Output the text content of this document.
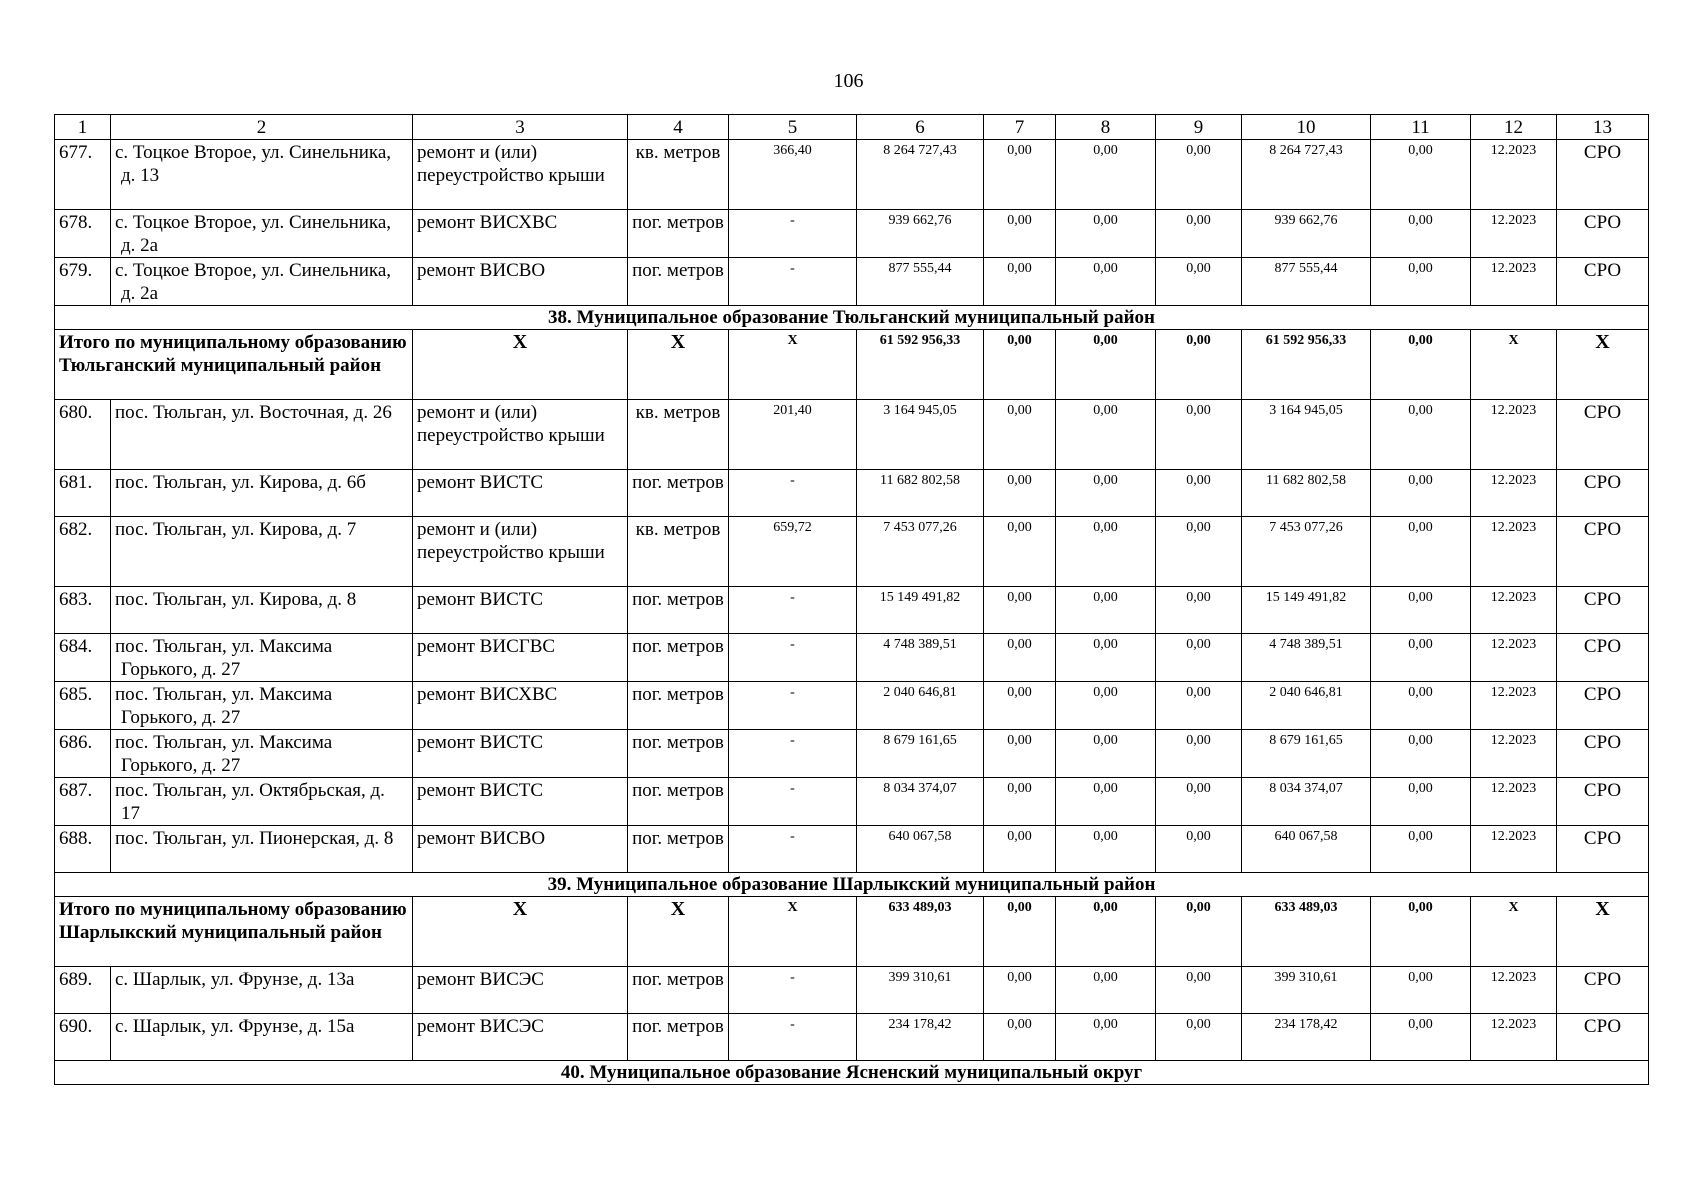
106
1	2	3	4	5	6	7	8	9	10	11	12	13
677.	с. Тоцкое Второе, ул. Синельника, д. 13	ремонт и (или) переустройство крыши	кв. метров	366,40	8 264 727,43	0,00	0,00	0,00	8 264 727,43	0,00	12.2023	СРО
678.	с. Тоцкое Второе, ул. Синельника, д. 2а	ремонт ВИСХВС	пог. метров	-	939 662,76	0,00	0,00	0,00	939 662,76	0,00	12.2023	СРО
679.	с. Тоцкое Второе, ул. Синельника, д. 2а	ремонт ВИСВО	пог. метров	-	877 555,44	0,00	0,00	0,00	877 555,44	0,00	12.2023	СРО
38. Муниципальное образование Тюльганский муниципальный район												
Итого по муниципальному образованию Тюльганский муниципальный район		X	X	X	61 592 956,33	0,00	0,00	0,00	61 592 956,33	0,00	X	X
680.	пос. Тюльган, ул. Восточная, д. 26	ремонт и (или) переустройство крыши	кв. метров	201,40	3 164 945,05	0,00	0,00	0,00	3 164 945,05	0,00	12.2023	СРО
681.	пос. Тюльган, ул. Кирова, д. 6б	ремонт ВИСТС	пог. метров	-	11 682 802,58	0,00	0,00	0,00	11 682 802,58	0,00	12.2023	СРО
682.	пос. Тюльган, ул. Кирова, д. 7	ремонт и (или) переустройство крыши	кв. метров	659,72	7 453 077,26	0,00	0,00	0,00	7 453 077,26	0,00	12.2023	СРО
683.	пос. Тюльган, ул. Кирова, д. 8	ремонт ВИСТС	пог. метров	-	15 149 491,82	0,00	0,00	0,00	15 149 491,82	0,00	12.2023	СРО
684.	пос. Тюльган, ул. Максима Горького, д. 27	ремонт ВИСГВС	пог. метров	-	4 748 389,51	0,00	0,00	0,00	4 748 389,51	0,00	12.2023	СРО
685.	пос. Тюльган, ул. Максима Горького, д. 27	ремонт ВИСХВС	пог. метров	-	2 040 646,81	0,00	0,00	0,00	2 040 646,81	0,00	12.2023	СРО
686.	пос. Тюльган, ул. Максима Горького, д. 27	ремонт ВИСТС	пог. метров	-	8 679 161,65	0,00	0,00	0,00	8 679 161,65	0,00	12.2023	СРО
687.	пос. Тюльган, ул. Октябрьская, д. 17	ремонт ВИСТС	пог. метров	-	8 034 374,07	0,00	0,00	0,00	8 034 374,07	0,00	12.2023	СРО
688.	пос. Тюльган, ул. Пионерская, д. 8	ремонт ВИСВО	пог. метров	-	640 067,58	0,00	0,00	0,00	640 067,58	0,00	12.2023	СРО
39. Муниципальное образование Шарлыкский муниципальный район												
Итого по муниципальному образованию Шарлыкский муниципальный район		X	X	X	633 489,03	0,00	0,00	0,00	633 489,03	0,00	X	X
689.	с. Шарлык, ул. Фрунзе, д. 13а	ремонт ВИСЭС	пог. метров	-	399 310,61	0,00	0,00	0,00	399 310,61	0,00	12.2023	СРО
690.	с. Шарлык, ул. Фрунзе, д. 15а	ремонт ВИСЭС	пог. метров	-	234 178,42	0,00	0,00	0,00	234 178,42	0,00	12.2023	СРО
40. Муниципальное образование Ясненский муниципальный округ												
